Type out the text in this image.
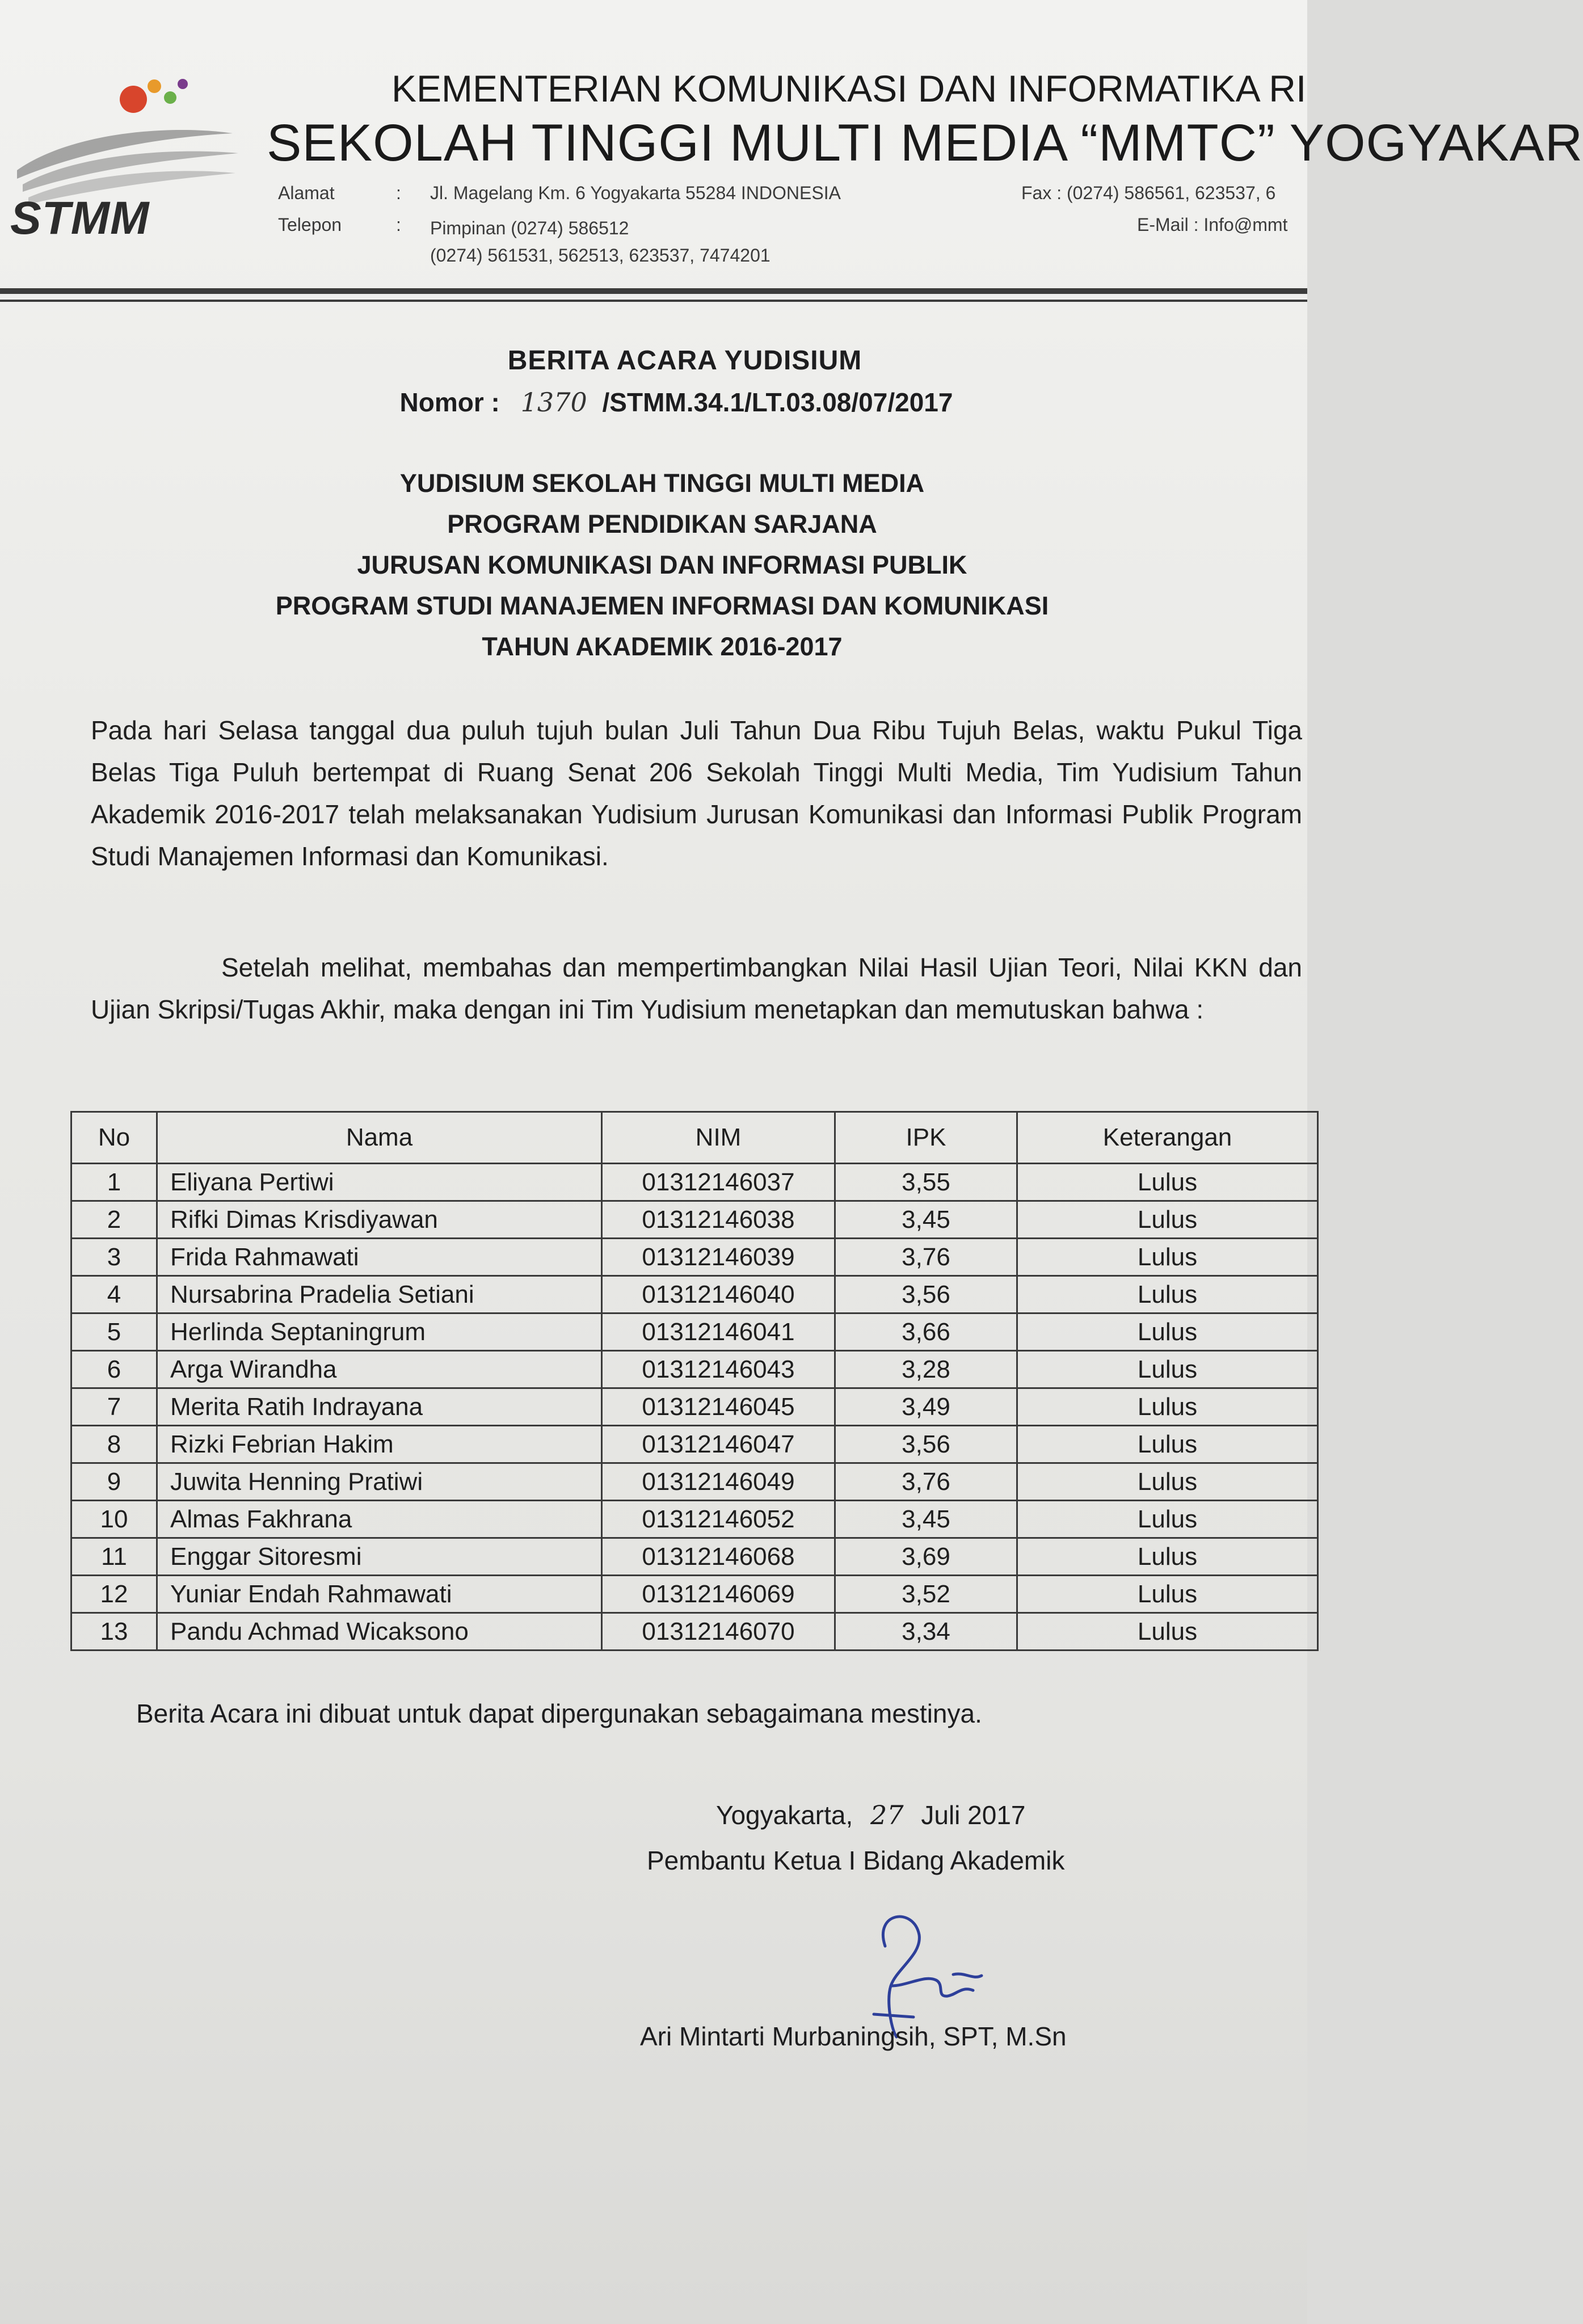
STMM
KEMENTERIAN KOMUNIKASI DAN INFORMATIKA RI
SEKOLAH TINGGI MULTI MEDIA “MMTC” YOGYAKAR
Alamat	: Jl. Magelang Km. 6 Yogyakarta 55284 INDONESIA
Telepon	: Pimpinan (0274) 586512
(0274) 561531, 562513, 623537, 7474201
Fax : (0274) 586561, 623537, 6
E-Mail : Info@mmt
BERITA ACARA YUDISIUM
Nomor : 1370 /STMM.34.1/LT.03.08/07/2017
YUDISIUM SEKOLAH TINGGI MULTI MEDIA
PROGRAM PENDIDIKAN SARJANA
JURUSAN KOMUNIKASI DAN INFORMASI PUBLIK
PROGRAM STUDI MANAJEMEN INFORMASI DAN KOMUNIKASI
TAHUN AKADEMIK 2016-2017

Pada hari Selasa tanggal dua puluh tujuh bulan Juli Tahun Dua Ribu Tujuh Belas, waktu Pukul Tiga Belas Tiga Puluh bertempat di Ruang Senat 206 Sekolah Tinggi Multi Media, Tim Yudisium Tahun Akademik 2016-2017 telah melaksanakan Yudisium Jurusan Komunikasi dan Informasi Publik Program Studi Manajemen Informasi dan Komunikasi.

Setelah melihat, membahas dan mempertimbangkan Nilai Hasil Ujian Teori, Nilai KKN dan Ujian Skripsi/Tugas Akhir, maka dengan ini Tim Yudisium menetapkan dan memutuskan bahwa :

No	Nama	NIM	IPK	Keterangan
1	Eliyana Pertiwi	01312146037	3,55	Lulus
2	Rifki Dimas Krisdiyawan	01312146038	3,45	Lulus
3	Frida Rahmawati	01312146039	3,76	Lulus
4	Nursabrina Pradelia Setiani	01312146040	3,56	Lulus
5	Herlinda Septaningrum	01312146041	3,66	Lulus
6	Arga Wirandha	01312146043	3,28	Lulus
7	Merita Ratih Indrayana	01312146045	3,49	Lulus
8	Rizki Febrian Hakim	01312146047	3,56	Lulus
9	Juwita Henning Pratiwi	01312146049	3,76	Lulus
10	Almas Fakhrana	01312146052	3,45	Lulus
11	Enggar Sitoresmi	01312146068	3,69	Lulus
12	Yuniar Endah Rahmawati	01312146069	3,52	Lulus
13	Pandu Achmad Wicaksono	01312146070	3,34	Lulus
Berita Acara ini dibuat untuk dapat dipergunakan sebagaimana mestinya.
Yogyakarta, 27 Juli 2017
Pembantu Ketua I Bidang Akademik
Ari Mintarti Murbaningsih, SPT, M.Sn
